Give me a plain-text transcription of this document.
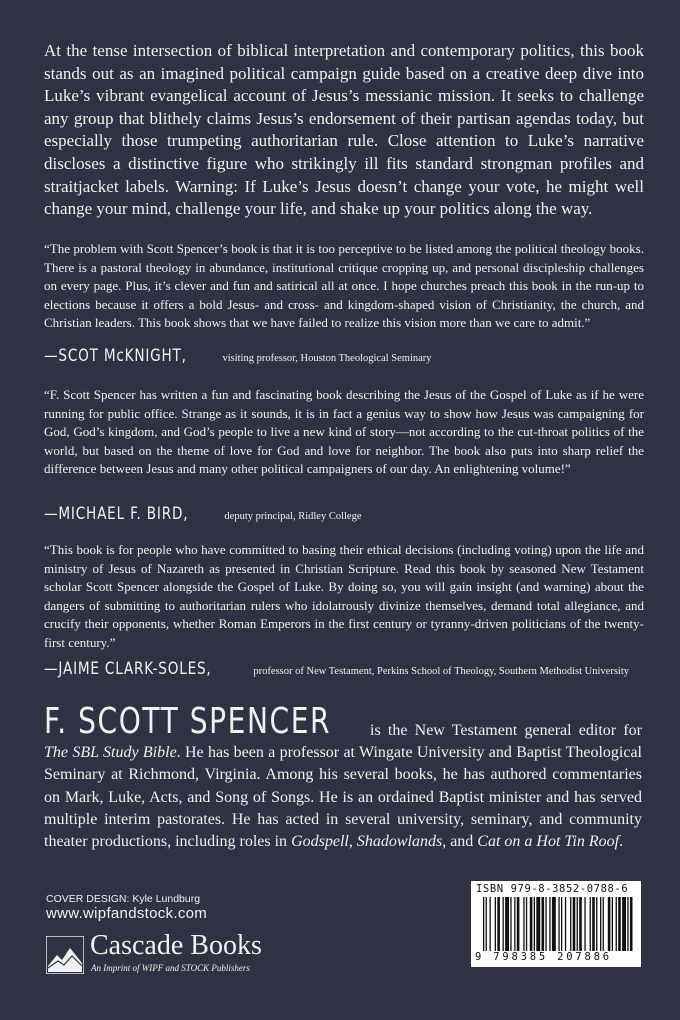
At the tense intersection of biblical interpretation and contemporary politics, this book stands out as an imagined political campaign guide based on a creative deep dive into Luke’s vibrant evangelical account of Jesus’s messianic mission. It seeks to challenge any group that blithely claims Jesus’s endorsement of their partisan agendas today, but especially those trumpeting authoritarian rule. Close attention to Luke’s narrative discloses a distinctive figure who strikingly ill fits standard strongman profiles and straitjacket labels. Warning: If Luke’s Jesus doesn’t change your vote, he might well change your mind, challenge your life, and shake up your politics along the way.

“The problem with Scott Spencer’s book is that it is too perceptive to be listed among the political theology books. There is a pastoral theology in abundance, institutional critique cropping up, and personal discipleship challenges on every page. Plus, it’s clever and fun and satirical all at once. I hope churches preach this book in the run-up to elections because it offers a bold Jesus- and cross- and kingdom-shaped vision of Christianity, the church, and Christian leaders. This book shows that we have failed to realize this vision more than we care to admit.”

—SCOT McKNIGHT,	visiting professor, Houston Theological Seminary

“F. Scott Spencer has written a fun and fascinating book describing the Jesus of the Gospel of Luke as if he were running for public office. Strange as it sounds, it is in fact a genius way to show how Jesus was campaigning for God, God’s kingdom, and God’s people to live a new kind of story—not according to the cut-throat politics of the world, but based on the theme of love for God and love for neighbor. The book also puts into sharp relief the difference between Jesus and many other political campaigners of our day. An enlightening volume!”

—MICHAEL F. BIRD,	deputy principal, Ridley College

“This book is for people who have committed to basing their ethical decisions (including voting) upon the life and ministry of Jesus of Nazareth as presented in Christian Scripture. Read this book by seasoned New Testament scholar Scott Spencer alongside the Gospel of Luke. By doing so, you will gain insight (and warning) about the dangers of submitting to authoritarian rulers who idolatrously divinize themselves, demand total allegiance, and crucify their opponents, whether Roman Emperors in the first century or tyranny-driven politicians of the twenty-first century.”

—JAIME CLARK-SOLES,	professor of New Testament, Perkins School of Theology, Southern Methodist University
F. SCOTT SPENCER	is the New Testament general editor for The SBL Study Bible. He has been a professor at Wingate University and Baptist Theological Seminary at Richmond, Virginia. Among his several books, he has authored commentaries on Mark, Luke, Acts, and Song of Songs. He is an ordained Baptist minister and has served multiple interim pastorates. He has acted in several university, seminary, and community theater productions, including roles in Godspell, Shadowlands, and Cat on a Hot Tin Roof.

COVER DESIGN: Kyle Lundburg
www.wipfandstock.com
Cascade Books
An Imprint of WIPF and STOCK Publishers
ISBN 979-8-3852-0788-6
9 798385 207886
